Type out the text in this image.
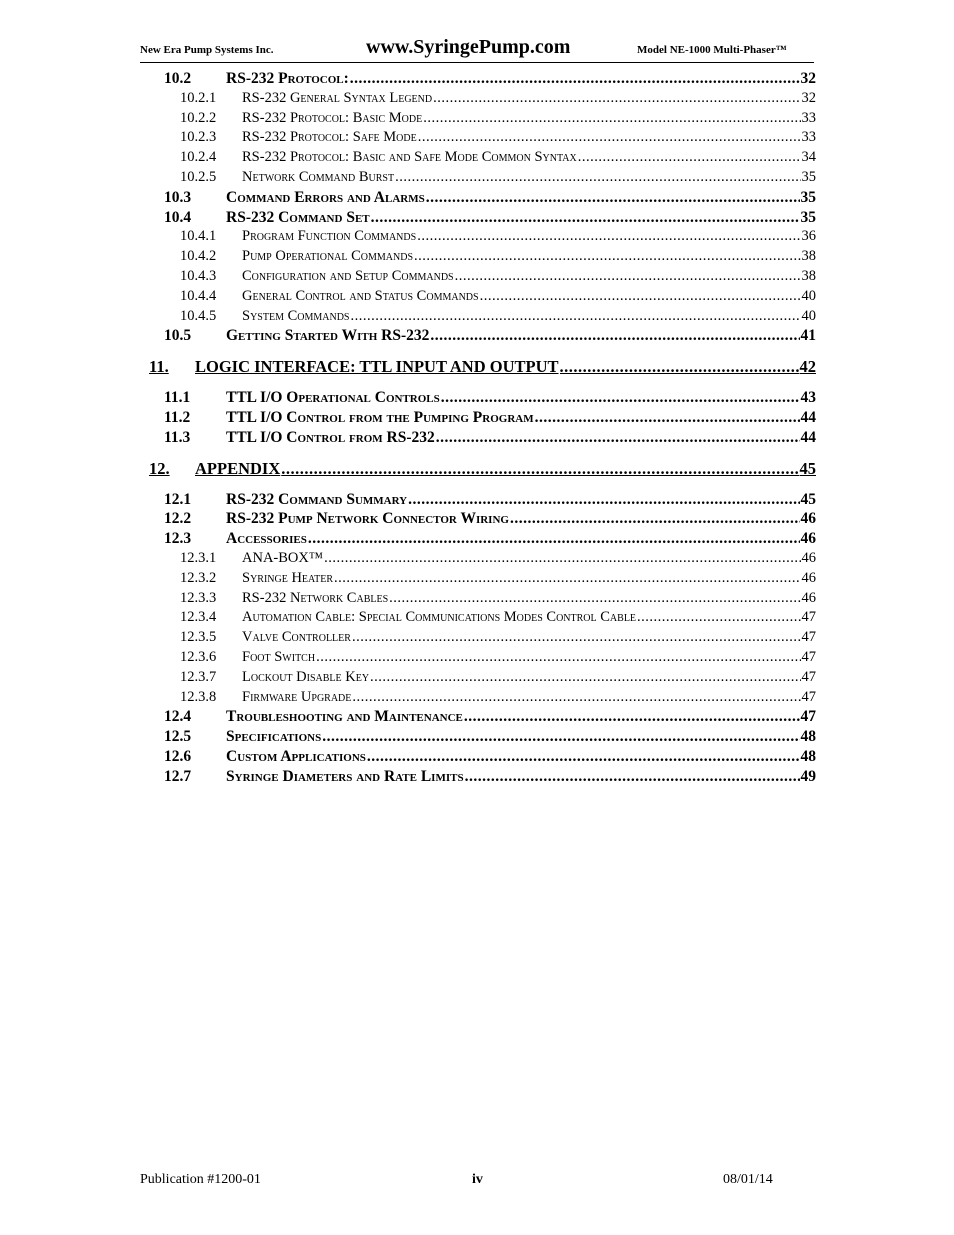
New Era Pump Systems Inc.	www.SyringePump.com	Model NE-1000 Multi-Phaser™
10.2	RS-232 Protocol: .....	32
10.2.1	RS-232 General Syntax Legend .....	32
10.2.2	RS-232 Protocol: Basic Mode .....	33
10.2.3	RS-232 Protocol: Safe Mode .....	33
10.2.4	RS-232 Protocol: Basic and Safe Mode Common Syntax .....	34
10.2.5	Network Command Burst .....	35
10.3	Command Errors and Alarms .....	35
10.4	RS-232 Command Set .....	35
10.4.1	Program Function Commands .....	36
10.4.2	Pump Operational Commands .....	38
10.4.3	Configuration and Setup Commands .....	38
10.4.4	General Control and Status Commands .....	40
10.4.5	System Commands .....	40
10.5	Getting Started With RS-232 .....	41
11.	LOGIC INTERFACE: TTL INPUT AND OUTPUT .....	42
11.1	TTL I/O Operational Controls .....	43
11.2	TTL I/O Control from the Pumping Program .....	44
11.3	TTL I/O Control from RS-232 .....	44
12.	APPENDIX .....	45
12.1	RS-232 Command Summary .....	45
12.2	RS-232 Pump Network Connector Wiring .....	46
12.3	Accessories .....	46
12.3.1	ANA-BOX™ .....	46
12.3.2	Syringe Heater .....	46
12.3.3	RS-232 Network Cables .....	46
12.3.4	Automation Cable: Special Communications Modes Control Cable .....	47
12.3.5	Valve Controller .....	47
12.3.6	Foot Switch .....	47
12.3.7	Lockout Disable Key .....	47
12.3.8	Firmware Upgrade .....	47
12.4	Troubleshooting and Maintenance .....	47
12.5	Specifications .....	48
12.6	Custom Applications .....	48
12.7	Syringe Diameters and Rate Limits .....	49
Publication #1200-01	iv	08/01/14
